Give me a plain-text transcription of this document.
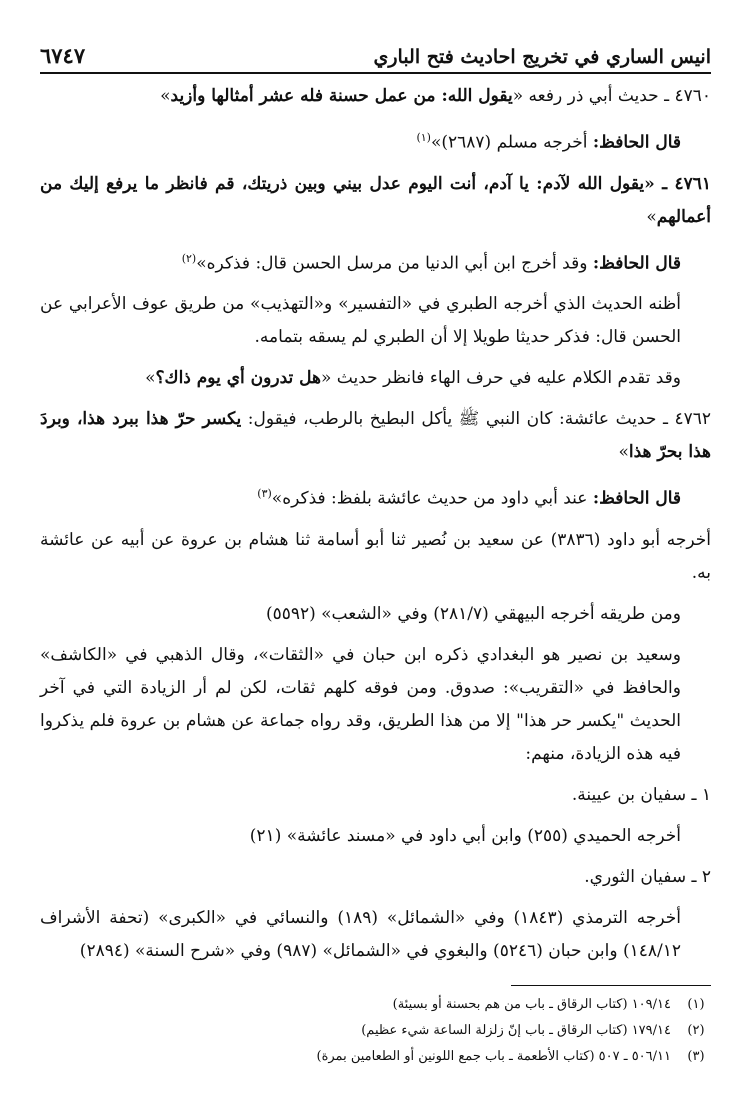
انيس الساري في تخريج احاديث فتح الباري
٦٧٤٧
٤٧٦٠ ـ حديث أبي ذر رفعه «يقول الله: من عمل حسنة فله عشر أمثالها وأزيد»
قال الحافظ: أخرجه مسلم (٢٦٨٧)»$^{(١)}$
٤٧٦١ ـ «يقول الله لآدم: يا آدم، أنت اليوم عدل بيني وبين ذريتك، قم فانظر ما يرفع إليك من أعمالهم»
قال الحافظ: وقد أخرج ابن أبي الدنيا من مرسل الحسن قال: فذكره»$^{(٢)}$
أظنه الحديث الذي أخرجه الطبري في «التفسير» و«التهذيب» من طريق عوف الأعرابي عن الحسن قال: فذكر حديثا طويلا إلا أن الطبري لم يسقه بتمامه.
وقد تقدم الكلام عليه في حرف الهاء فانظر حديث «هل تدرون أي يوم ذاك؟»
٤٧٦٢ ـ حديث عائشة: كان النبي ﷺ يأكل البطيخ بالرطب، فيقول: يكسر حرّ هذا ببرد هذا، وبردَ هذا بحرّ هذا»
قال الحافظ: عند أبي داود من حديث عائشة بلفظ: فذكره»$^{(٣)}$
أخرجه أبو داود (٣٨٣٦) عن سعيد بن نُصير ثنا أبو أسامة ثنا هشام بن عروة عن أبيه عن عائشة به.
ومن طريقه أخرجه البيهقي (٢٨١/٧) وفي «الشعب» (٥٥٩٢)
وسعيد بن نصير هو البغدادي ذكره ابن حبان في «الثقات»، وقال الذهبي في «الكاشف» والحافظ في «التقريب»: صدوق. ومن فوقه كلهم ثقات، لكن لم أر الزيادة التي في آخر الحديث "يكسر حر هذا" إلا من هذا الطريق، وقد رواه جماعة عن هشام بن عروة فلم يذكروا فيه هذه الزيادة، منهم:
١ ـ سفيان بن عيينة.
أخرجه الحميدي (٢٥٥) وابن أبي داود في «مسند عائشة» (٢١)
٢ ـ سفيان الثوري.
أخرجه الترمذي (١٨٤٣) وفي «الشمائل» (١٨٩) والنسائي في «الكبرى» (تحفة الأشراف ١٤٨/١٢) وابن حبان (٥٢٤٦) والبغوي في «الشمائل» (٩٨٧) وفي «شرح السنة» (٢٨٩٤)
(١)
١٠٩/١٤ (كتاب الرقاق ـ باب من هم بحسنة أو بسيئة)
(٢)
١٧٩/١٤ (كتاب الرقاق ـ باب إنّ زلزلة الساعة شيء عظيم)
(٣)
٥٠٦/١١ ـ ٥٠٧ (كتاب الأطعمة ـ باب جمع اللونين أو الطعامين بمرة)
